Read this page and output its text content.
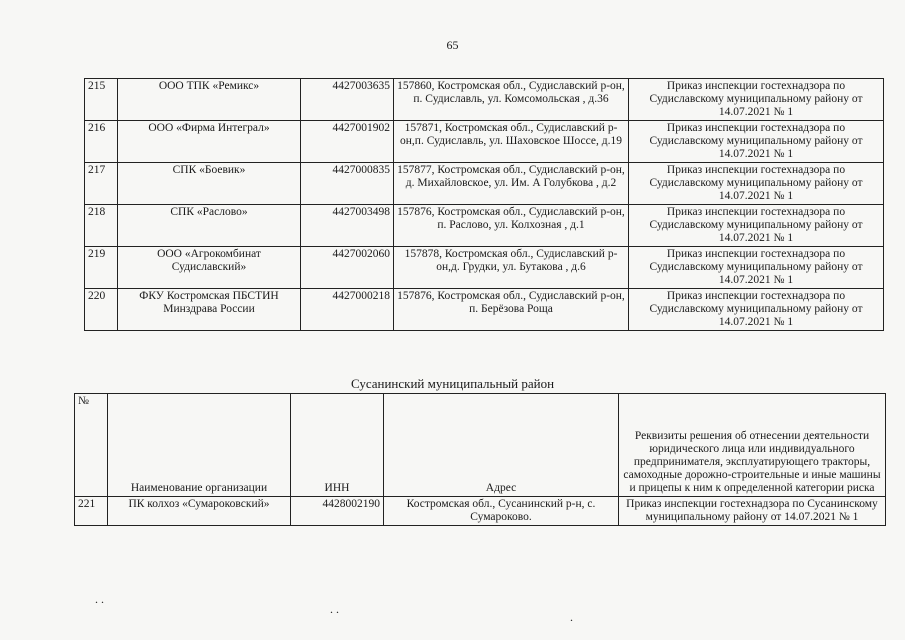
65
215	ООО ТПК «Ремикс»	4427003635	157860, Костромская обл., Судиславский р-он, п. Судиславль, ул. Комсомольская , д.36	Приказ инспекции гостехнадзора по Судиславскому муниципальному району от 14.07.2021 № 1
216	ООО «Фирма Интеграл»	4427001902	157871, Костромская обл., Судиславский р-он,п. Судиславль, ул. Шаховское Шоссе, д.19	Приказ инспекции гостехнадзора по Судиславскому муниципальному району от 14.07.2021 № 1
217	СПК «Боевик»	4427000835	157877, Костромская обл., Судиславский р-он, д. Михайловское, ул. Им. А Голубкова , д.2	Приказ инспекции гостехнадзора по Судиславскому муниципальному району от 14.07.2021 № 1
218	СПК «Раслово»	4427003498	157876, Костромская обл., Судиславский р-он, п. Раслово, ул. Колхозная , д.1	Приказ инспекции гостехнадзора по Судиславскому муниципальному району от 14.07.2021 № 1
219	ООО «Агрокомбинат Судиславский»	4427002060	157878, Костромская обл., Судиславский р-он,д. Грудки, ул. Бутакова , д.6	Приказ инспекции гостехнадзора по Судиславскому муниципальному району от 14.07.2021 № 1
220	ФКУ Костромская ПБСТИН Минздрава России	4427000218	157876, Костромская обл., Судиславский р-он, п. Берёзова Роща	Приказ инспекции гостехнадзора по Судиславскому муниципальному району от 14.07.2021 № 1
Сусанинский муниципальный район
№	Наименование организации	ИНН	Адрес	Реквизиты решения об отнесении деятельности юридического лица или индивидуального предпринимателя, эксплуатирующего тракторы, самоходные дорожно-строительные и иные машины и прицепы к ним к определенной категории риска
221	ПК колхоз «Сумароковский»	4428002190	Костромская обл., Сусанинский р-н, с. Сумароково.	Приказ инспекции гостехнадзора по Сусанинскому муниципальному району от 14.07.2021 № 1
. .
. .
.
